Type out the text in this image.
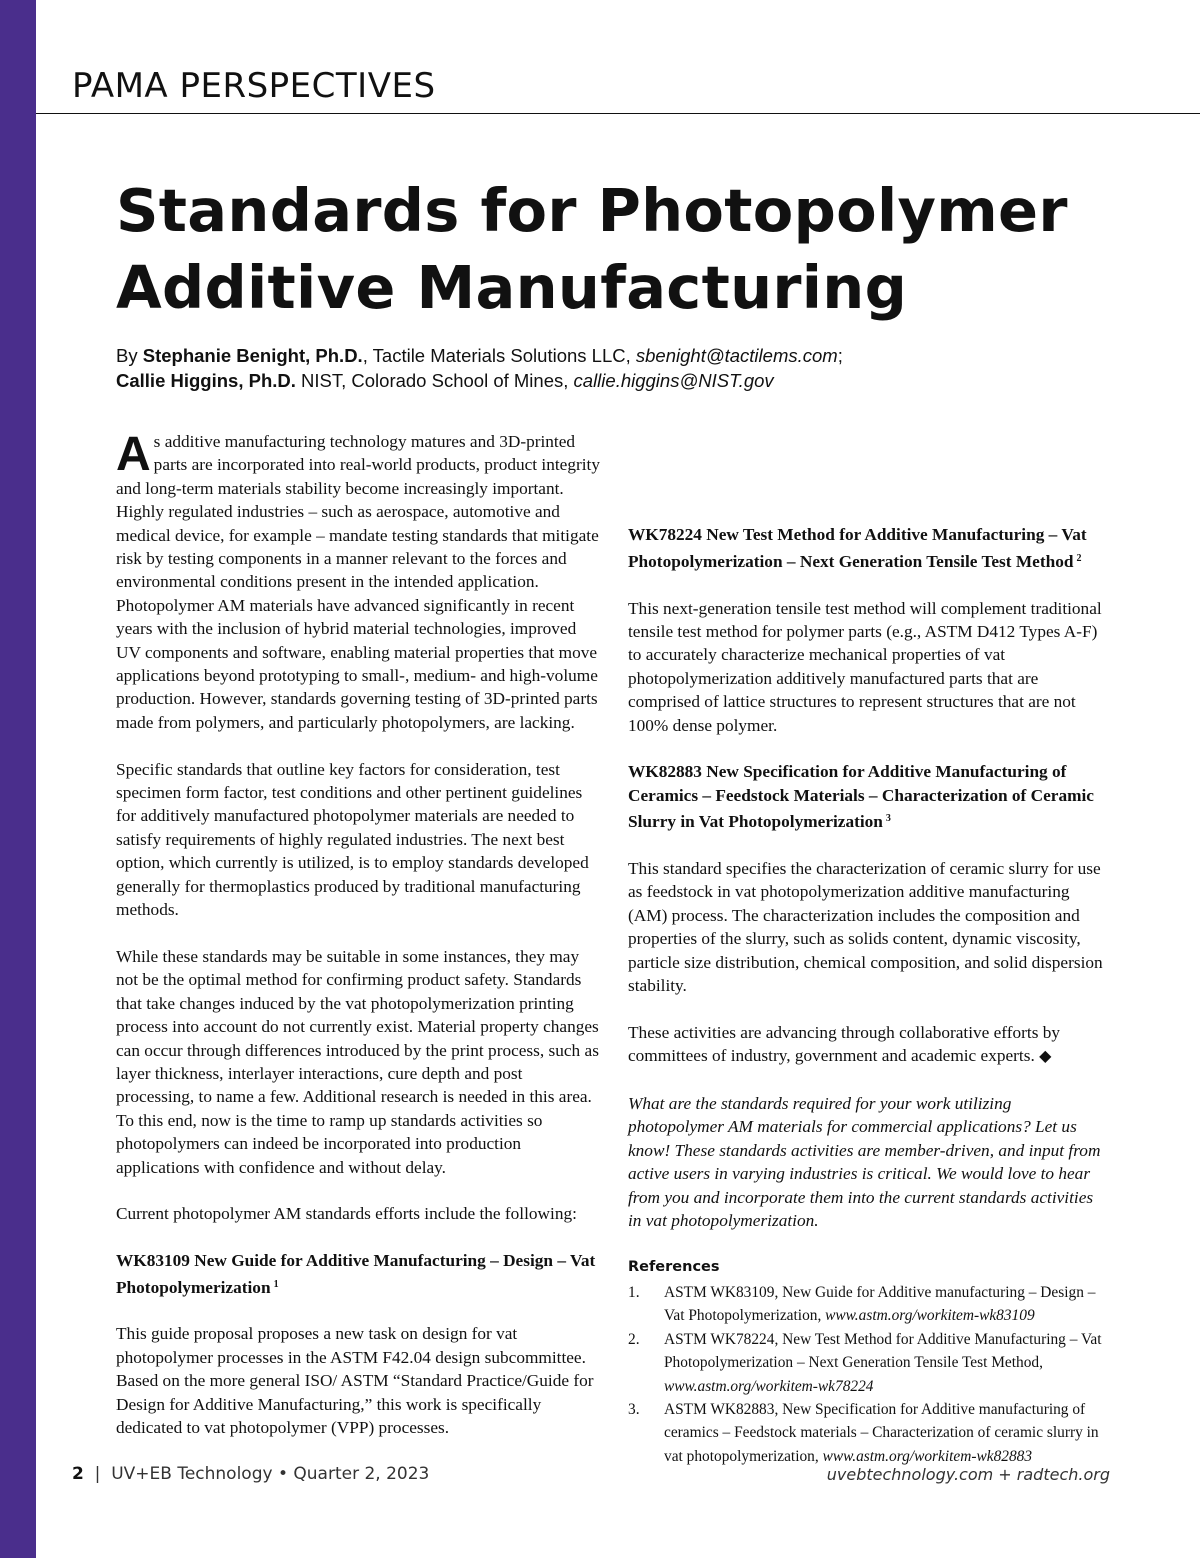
PAMA PERSPECTIVES
Standards for Photopolymer
Additive Manufacturing

By Stephanie Benight, Ph.D., Tactile Materials Solutions LLC, sbenight@tactilems.com;
Callie Higgins, Ph.D. NIST, Colorado School of Mines, callie.higgins@NIST.gov

As additive manufacturing technology matures and 3D-printed parts are incorporated into real-world products, product integrity and long-term materials stability become increasingly important. Highly regulated industries – such as aerospace, automotive and medical device, for example – mandate testing standards that mitigate risk by testing components in a manner relevant to the forces and environmental conditions present in the intended application. Photopolymer AM materials have advanced significantly in recent years with the inclusion of hybrid material technologies, improved UV components and software, enabling material properties that move applications beyond prototyping to small-, medium- and high-volume production. However, standards governing testing of 3D-printed parts made from polymers, and particularly photopolymers, are lacking.

Specific standards that outline key factors for consideration, test specimen form factor, test conditions and other pertinent guidelines for additively manufactured photopolymer materials are needed to satisfy requirements of highly regulated industries. The next best option, which currently is utilized, is to employ standards developed generally for thermoplastics produced by traditional manufacturing methods.

While these standards may be suitable in some instances, they may not be the optimal method for confirming product safety. Standards that take changes induced by the vat photopolymerization printing process into account do not currently exist. Material property changes can occur through differences introduced by the print process, such as layer thickness, interlayer interactions, cure depth and post processing, to name a few. Additional research is needed in this area. To this end, now is the time to ramp up standards activities so photopolymers can indeed be incorporated into production applications with confidence and without delay.

Current photopolymer AM standards efforts include the following:

WK83109 New Guide for Additive Manufacturing – Design – Vat Photopolymerization $^1$

This guide proposal proposes a new task on design for vat photopolymer processes in the ASTM F42.04 design subcommittee. Based on the more general ISO/ ASTM “Standard Practice/Guide for Design for Additive Manufacturing,” this work is specifically dedicated to vat photopolymer (VPP) processes.

WK78224 New Test Method for Additive Manufacturing – Vat Photopolymerization – Next Generation Tensile Test Method $^2$

This next-generation tensile test method will complement traditional tensile test method for polymer parts (e.g., ASTM D412 Types A-F) to accurately characterize mechanical properties of vat photopolymerization additively manufactured parts that are comprised of lattice structures to represent structures that are not 100% dense polymer.

WK82883 New Specification for Additive Manufacturing of Ceramics – Feedstock Materials – Characterization of Ceramic Slurry in Vat Photopolymerization $^3$

This standard specifies the characterization of ceramic slurry for use as feedstock in vat photopolymerization additive manufacturing (AM) process. The characterization includes the composition and properties of the slurry, such as solids content, dynamic viscosity, particle size distribution, chemical composition, and solid dispersion stability.

These activities are advancing through collaborative efforts by committees of industry, government and academic experts. ◆

What are the standards required for your work utilizing photopolymer AM materials for commercial applications? Let us know! These standards activities are member-driven, and input from active users in varying industries is critical. We would love to hear from you and incorporate them into the current standards activities in vat photopolymerization.

References
1.	ASTM WK83109, New Guide for Additive manufacturing – Design – Vat Photopolymerization, www.astm.org/workitem-wk83109
2.	ASTM WK78224, New Test Method for Additive Manufacturing – Vat Photopolymerization – Next Generation Tensile Test Method, www.astm.org/workitem-wk78224
3.	ASTM WK82883, New Specification for Additive manufacturing of ceramics – Feedstock materials – Characterization of ceramic slurry in vat photopolymerization, www.astm.org/workitem-wk82883

2 | UV+EB Technology • Quarter 2, 2023	uvebtechnology.com + radtech.org
